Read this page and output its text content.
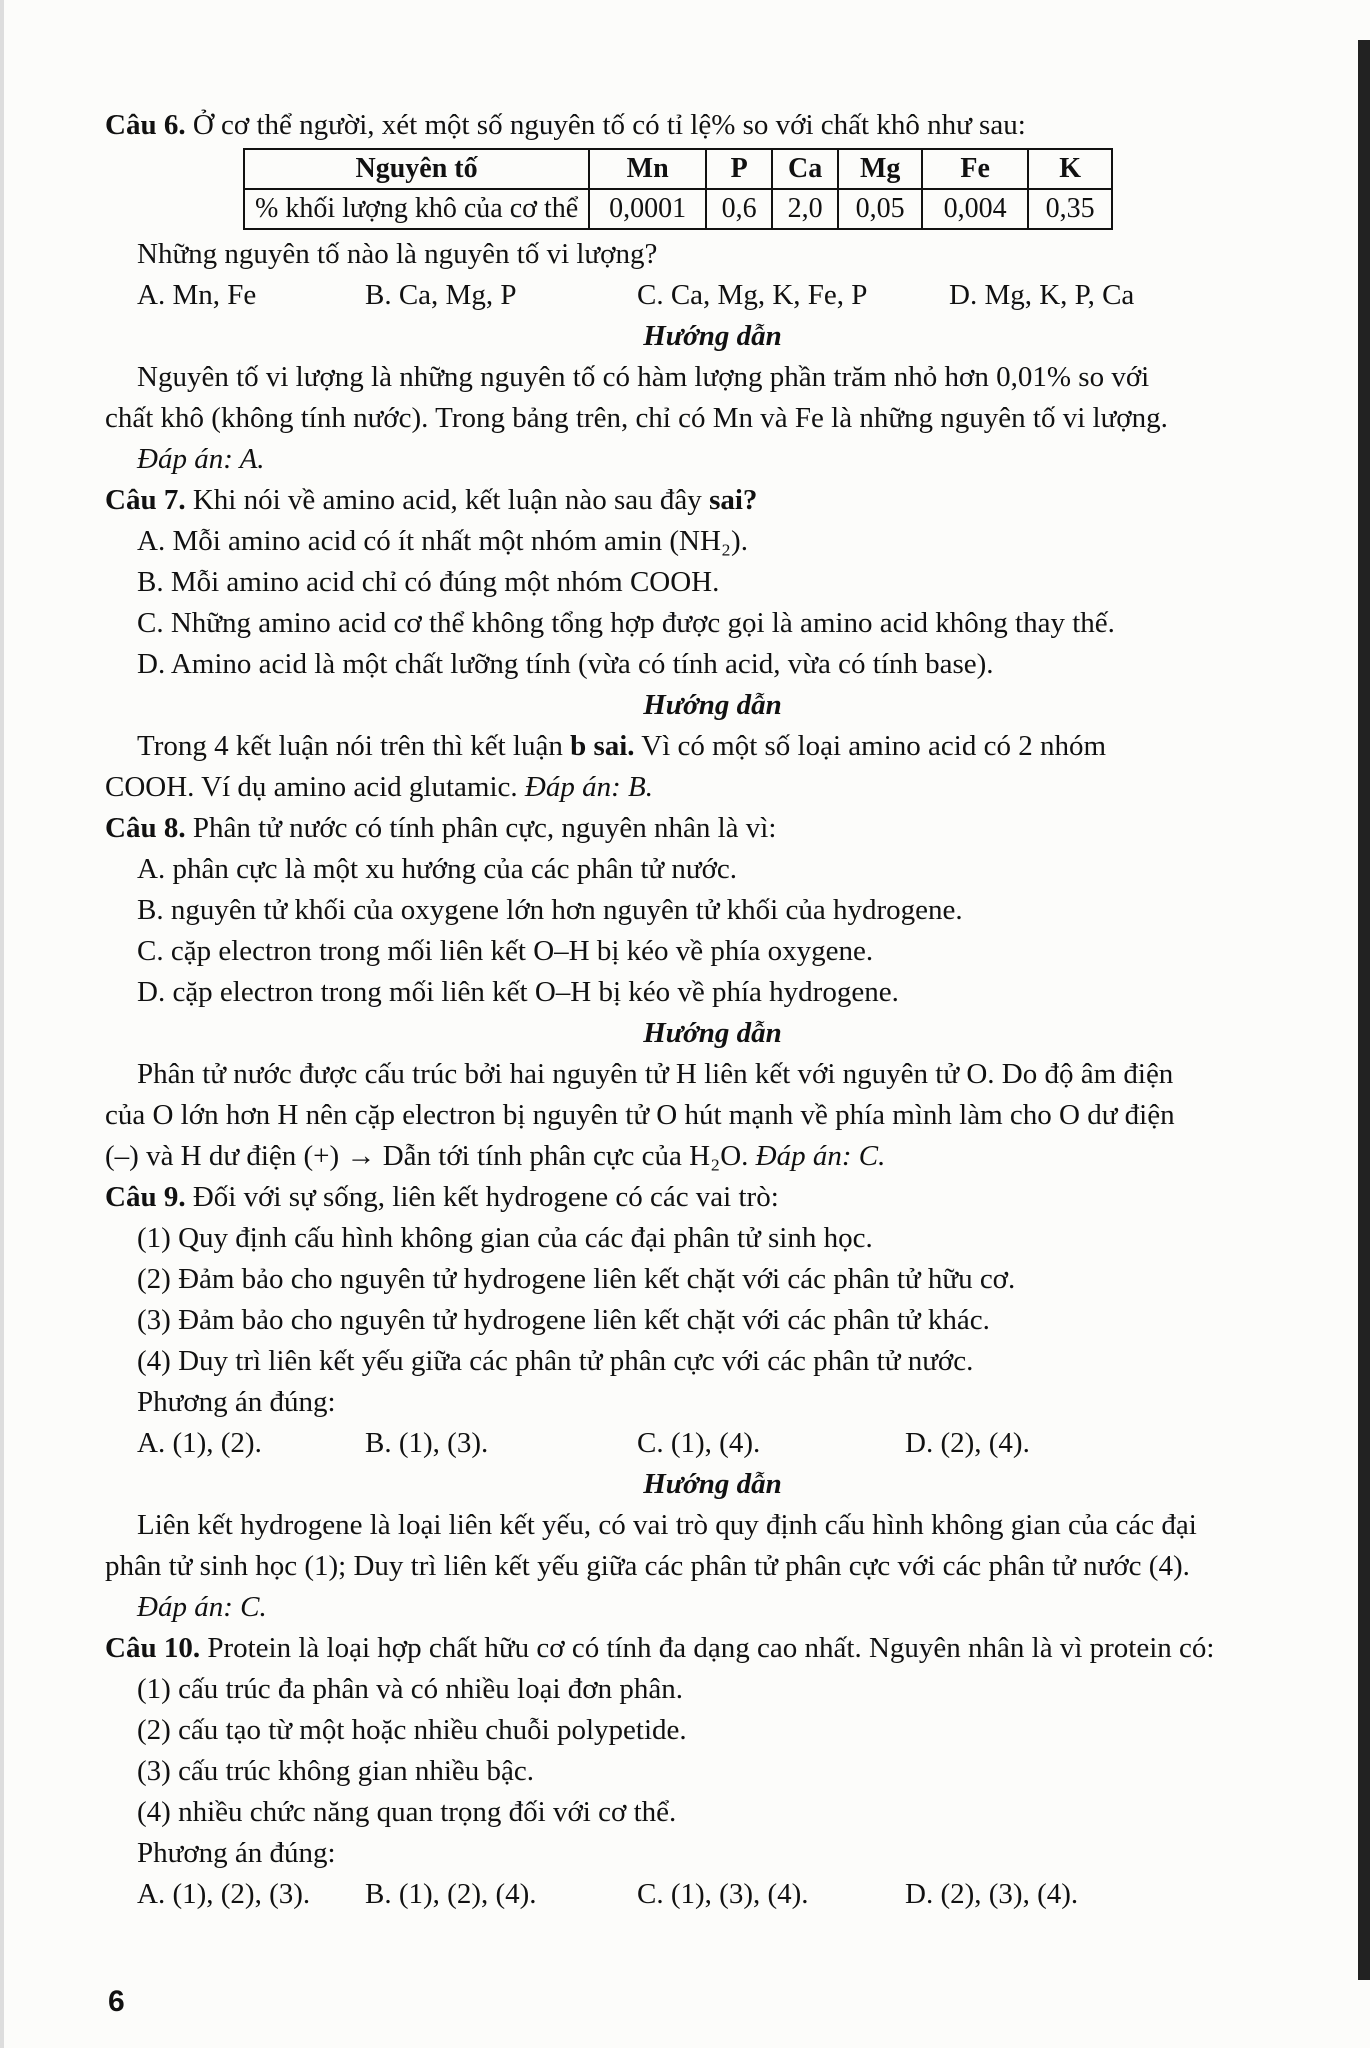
Câu 6. Ở cơ thể người, xét một số nguyên tố có tỉ lệ% so với chất khô như sau:
Nguyên tố	Mn	P	Ca	Mg	Fe	K
% khối lượng khô của cơ thể	0,0001	0,6	2,0	0,05	0,004	0,35
Những nguyên tố nào là nguyên tố vi lượng?
A. Mn, Fe	B. Ca, Mg, P	C. Ca, Mg, K, Fe, P	D. Mg, K, P, Ca
Hướng dẫn
Nguyên tố vi lượng là những nguyên tố có hàm lượng phần trăm nhỏ hơn 0,01% so với
chất khô (không tính nước). Trong bảng trên, chỉ có Mn và Fe là những nguyên tố vi lượng.
Đáp án: A.
Câu 7. Khi nói về amino acid, kết luận nào sau đây sai?
A. Mỗi amino acid có ít nhất một nhóm amin (NH₂).
B. Mỗi amino acid chỉ có đúng một nhóm COOH.
C. Những amino acid cơ thể không tổng hợp được gọi là amino acid không thay thế.
D. Amino acid là một chất lưỡng tính (vừa có tính acid, vừa có tính base).
Hướng dẫn
Trong 4 kết luận nói trên thì kết luận b sai. Vì có một số loại amino acid có 2 nhóm
COOH. Ví dụ amino acid glutamic. Đáp án: B.
Câu 8. Phân tử nước có tính phân cực, nguyên nhân là vì:
A. phân cực là một xu hướng của các phân tử nước.
B. nguyên tử khối của oxygene lớn hơn nguyên tử khối của hydrogene.
C. cặp electron trong mối liên kết O–H bị kéo về phía oxygene.
D. cặp electron trong mối liên kết O–H bị kéo về phía hydrogene.
Hướng dẫn
Phân tử nước được cấu trúc bởi hai nguyên tử H liên kết với nguyên tử O. Do độ âm điện
của O lớn hơn H nên cặp electron bị nguyên tử O hút mạnh về phía mình làm cho O dư điện
(–) và H dư điện (+) → Dẫn tới tính phân cực của H₂O. Đáp án: C.
Câu 9. Đối với sự sống, liên kết hydrogene có các vai trò:
(1) Quy định cấu hình không gian của các đại phân tử sinh học.
(2) Đảm bảo cho nguyên tử hydrogene liên kết chặt với các phân tử hữu cơ.
(3) Đảm bảo cho nguyên tử hydrogene liên kết chặt với các phân tử khác.
(4) Duy trì liên kết yếu giữa các phân tử phân cực với các phân tử nước.
Phương án đúng:
A. (1), (2).	B. (1), (3).	C. (1), (4).	D. (2), (4).
Hướng dẫn
Liên kết hydrogene là loại liên kết yếu, có vai trò quy định cấu hình không gian của các đại
phân tử sinh học (1); Duy trì liên kết yếu giữa các phân tử phân cực với các phân tử nước (4).
Đáp án: C.
Câu 10. Protein là loại hợp chất hữu cơ có tính đa dạng cao nhất. Nguyên nhân là vì protein có:
(1) cấu trúc đa phân và có nhiều loại đơn phân.
(2) cấu tạo từ một hoặc nhiều chuỗi polypetide.
(3) cấu trúc không gian nhiều bậc.
(4) nhiều chức năng quan trọng đối với cơ thể.
Phương án đúng:
A. (1), (2), (3).	B. (1), (2), (4).	C. (1), (3), (4).	D. (2), (3), (4).
6
